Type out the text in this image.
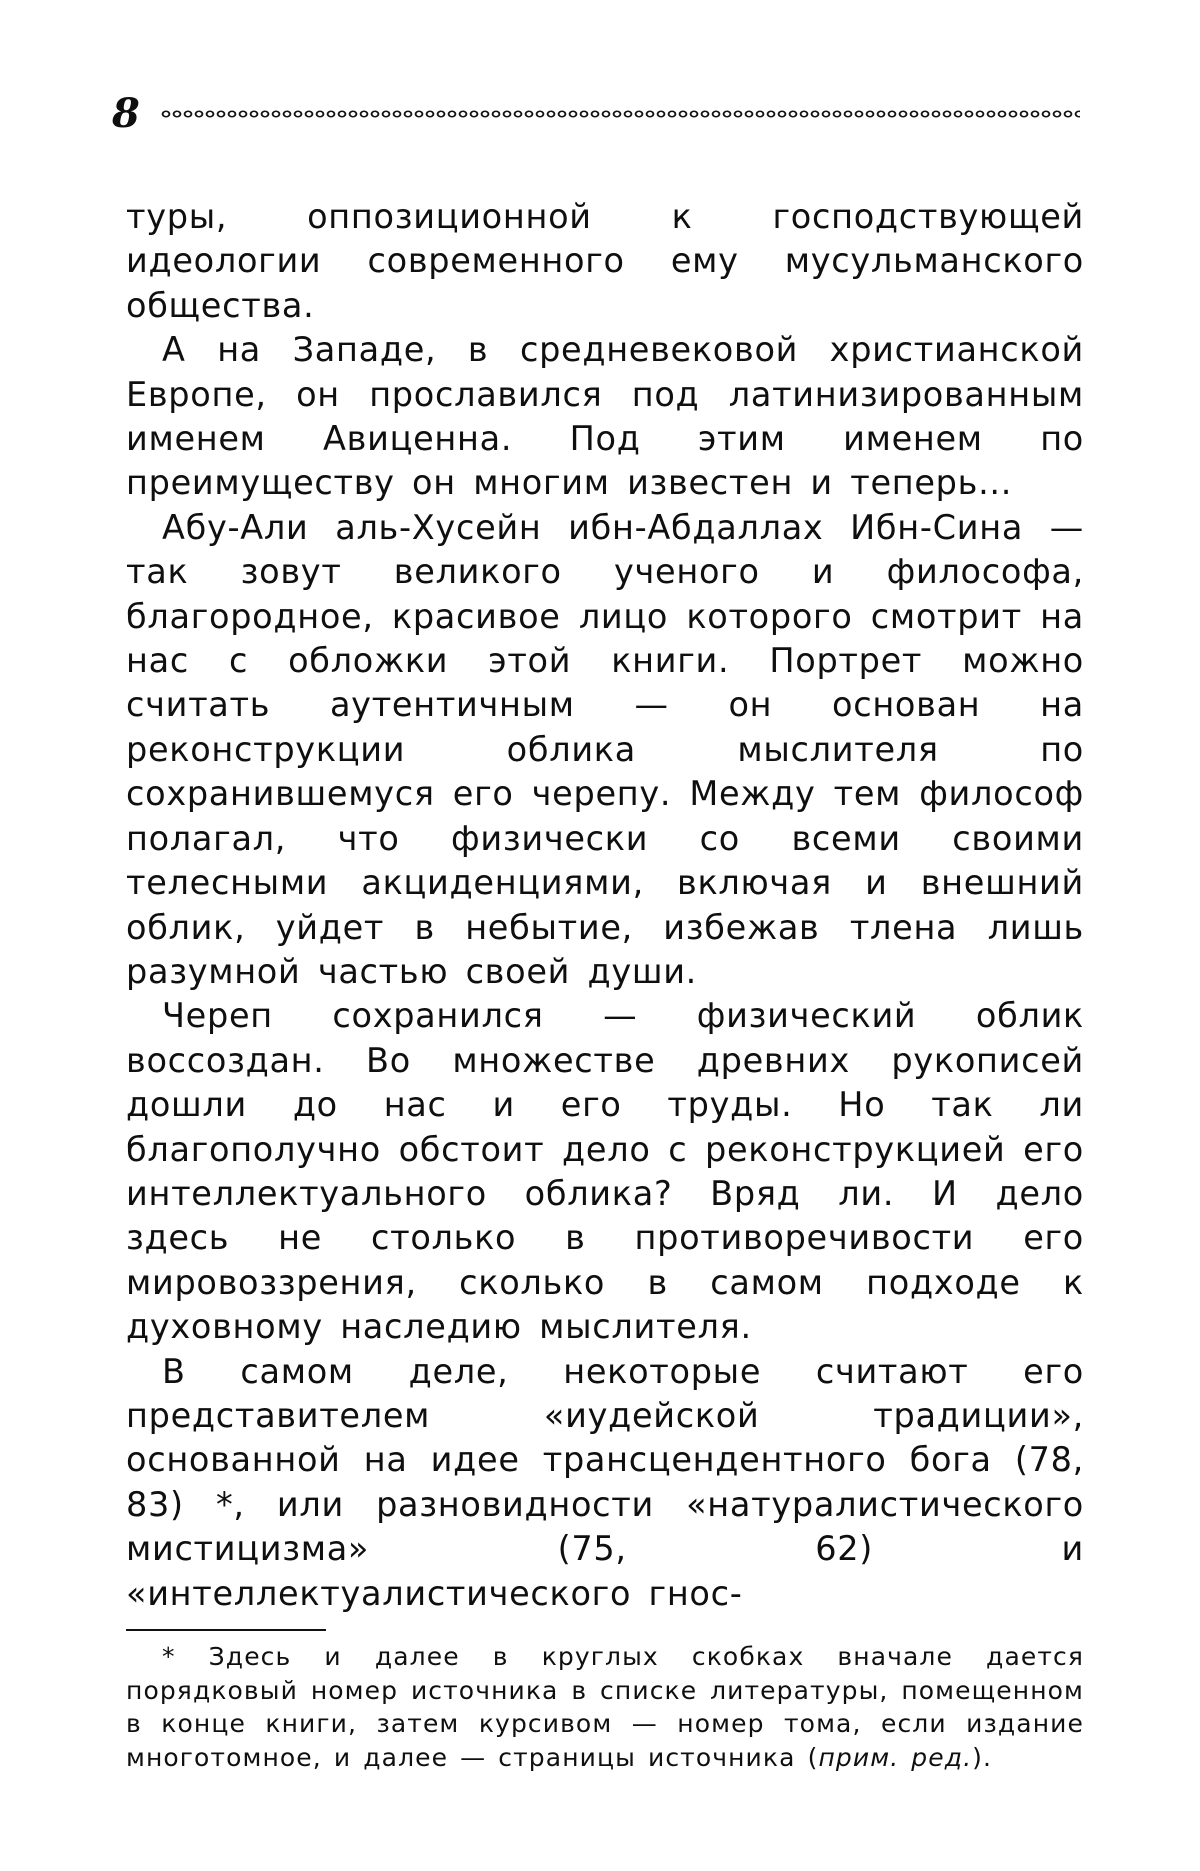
8

туры, оппозиционной к господствующей идеологии современного ему мусульманского общества.

А на Западе, в средневековой христианской Европе, он прославился под латинизированным именем Авиценна. Под этим именем по преимуществу он многим известен и теперь...

Абу-Али аль-Хусейн ибн-Абдаллах Ибн-Сина — так зовут великого ученого и философа, благородное, красивое лицо которого смотрит на нас с обложки этой книги. Портрет можно считать аутентичным — он основан на реконструкции облика мыслителя по сохранившемуся его черепу. Между тем философ полагал, что физически со всеми своими телесными акциденциями, включая и внешний облик, уйдет в небытие, избежав тлена лишь разумной частью своей души.

Череп сохранился — физический облик воссоздан. Во множестве древних рукописей дошли до нас и его труды. Но так ли благополучно обстоит дело с реконструкцией его интеллектуального облика? Вряд ли. И дело здесь не столько в противоречивости его мировоззрения, сколько в самом подходе к духовному наследию мыслителя.

В самом деле, некоторые считают его представителем «иудейской традиции», основанной на идее трансцендентного бога (78, 83) *, или разновидности «натуралистического мистицизма» (75, 62) и «интеллектуалистического гнос-

* Здесь и далее в круглых скобках вначале дается порядковый номер источника в списке литературы, помещенном в конце книги, затем курсивом — номер тома, если издание многотомное, и далее — страницы источника (прим. ред.).
